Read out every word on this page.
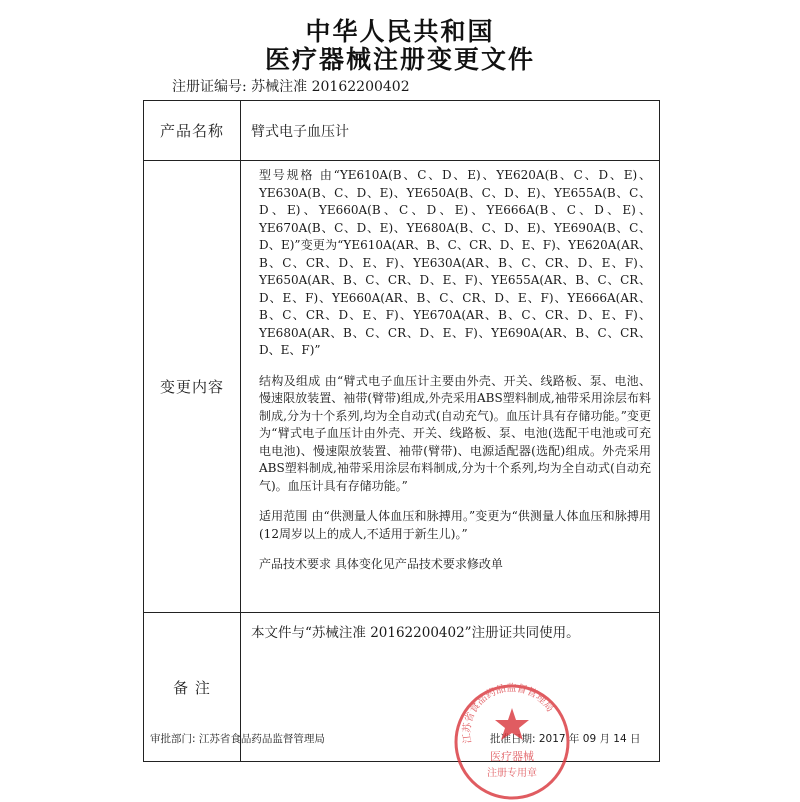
中华人民共和国
医疗器械注册变更文件
注册证编号: 苏械注准 20162200402
产品名称	臂式电子血压计
变更内容	型号规格 由“YE610A(B、C、D、E)、YE620A(B、C、D、E)、YE630A(B、C、D、E)、YE650A(B、C、D、E)、YE655A(B、C、D、E)、YE660A(B、C、D、E)、YE666A(B、C、D、E)、YE670A(B、C、D、E)、YE680A(B、C、D、E)、YE690A(B、C、D、E)”变更为“YE610A(AR、B、C、CR、D、E、F)、YE620A(AR、B、C、CR、D、E、F)、YE630A(AR、B、C、CR、D、E、F)、YE650A(AR、B、C、CR、D、E、F)、YE655A(AR、B、C、CR、D、E、F)、YE660A(AR、B、C、CR、D、E、F)、YE666A(AR、B、C、CR、D、E、F)、YE670A(AR、B、C、CR、D、E、F)、YE680A(AR、B、C、CR、D、E、F)、YE690A(AR、B、C、CR、D、E、F)”

结构及组成 由“臂式电子血压计主要由外壳、开关、线路板、泵、电池、慢速限放装置、袖带(臂带)组成,外壳采用ABS塑料制成,袖带采用涂层布料制成,分为十个系列,均为全自动式(自动充气)。血压计具有存储功能。”变更为“臂式电子血压计由外壳、开关、线路板、泵、电池(选配干电池或可充电电池)、慢速限放装置、袖带(臂带)、电源适配器(选配)组成。外壳采用ABS塑料制成,袖带采用涂层布料制成,分为十个系列,均为全自动式(自动充气)。血压计具有存储功能。”

适用范围 由“供测量人体血压和脉搏用。”变更为“供测量人体血压和脉搏用(12周岁以上的成人,不适用于新生儿)。”

产品技术要求 具体变化见产品技术要求修改单

备 注	本文件与“苏械注准 20162200402”注册证共同使用。
审批部门: 江苏省食品药品监督管理局	批准日期: 2017 年 09 月 14 日
江苏省食品药品监督管理局
医疗器械
注册专用章
